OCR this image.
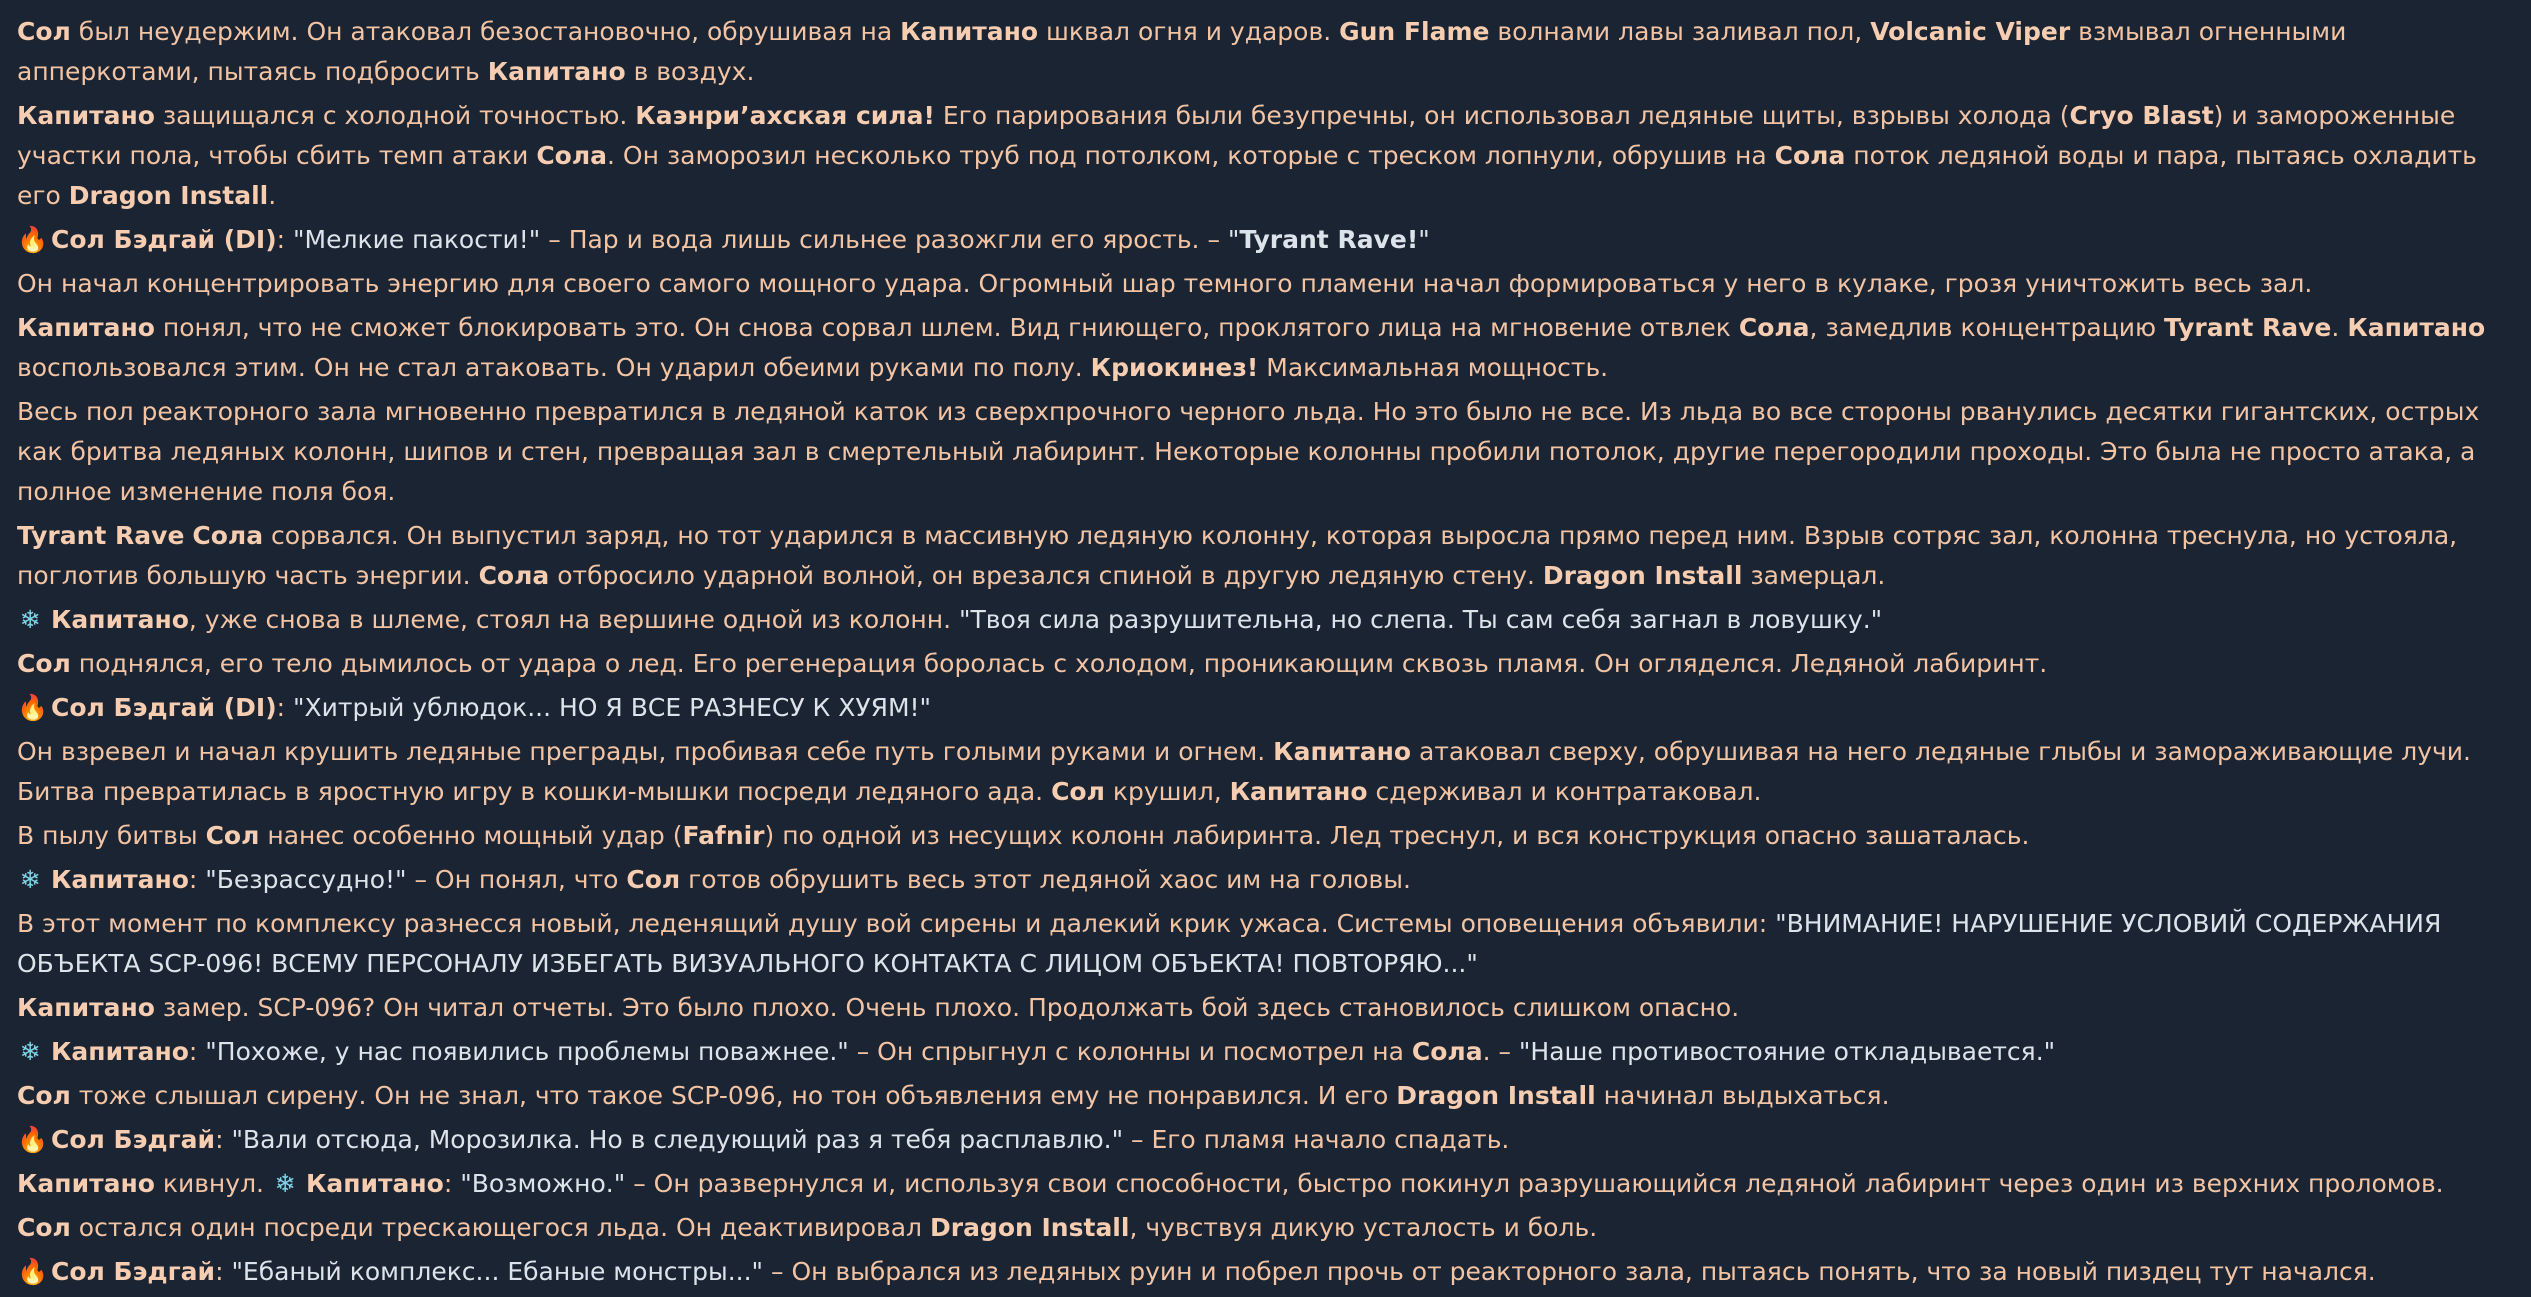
Сол был неудержим. Он атаковал безостановочно, обрушивая на Капитано шквал огня и ударов. Gun Flame волнами лавы заливал пол, Volcanic Viper взмывал огненными апперкотами, пытаясь подбросить Капитано в воздух.
Капитано защищался с холодной точностью. Каэнри’ахская сила! Его парирования были безупречны, он использовал ледяные щиты, взрывы холода (Cryo Blast) и замороженные участки пола, чтобы сбить темп атаки Сола. Он заморозил несколько труб под потолком, которые с треском лопнули, обрушив на Сола поток ледяной воды и пара, пытаясь охладить его Dragon Install.
🔥 Сол Бэдгай (DI): "Мелкие пакости!" – Пар и вода лишь сильнее разожгли его ярость. – "Tyrant Rave!"
Он начал концентрировать энергию для своего самого мощного удара. Огромный шар темного пламени начал формироваться у него в кулаке, грозя уничтожить весь зал.
Капитано понял, что не сможет блокировать это. Он снова сорвал шлем. Вид гниющего, проклятого лица на мгновение отвлек Сола, замедлив концентрацию Tyrant Rave. Капитано воспользовался этим. Он не стал атаковать. Он ударил обеими руками по полу. Криокинез! Максимальная мощность.
Весь пол реакторного зала мгновенно превратился в ледяной каток из сверхпрочного черного льда. Но это было не все. Из льда во все стороны рванулись десятки гигантских, острых как бритва ледяных колонн, шипов и стен, превращая зал в смертельный лабиринт. Некоторые колонны пробили потолок, другие перегородили проходы. Это была не просто атака, а полное изменение поля боя.
Tyrant Rave Сола сорвался. Он выпустил заряд, но тот ударился в массивную ледяную колонну, которая выросла прямо перед ним. Взрыв сотряс зал, колонна треснула, но устояла, поглотив большую часть энергии. Сола отбросило ударной волной, он врезался спиной в другую ледяную стену. Dragon Install замерцал.
❄ Капитано, уже снова в шлеме, стоял на вершине одной из колонн. "Твоя сила разрушительна, но слепа. Ты сам себя загнал в ловушку."
Сол поднялся, его тело дымилось от удара о лед. Его регенерация боролась с холодом, проникающим сквозь пламя. Он огляделся. Ледяной лабиринт.
🔥 Сол Бэдгай (DI): "Хитрый ублюдок... НО Я ВСЕ РАЗНЕСУ К ХУЯМ!"
Он взревел и начал крушить ледяные преграды, пробивая себе путь голыми руками и огнем. Капитано атаковал сверху, обрушивая на него ледяные глыбы и замораживающие лучи. Битва превратилась в яростную игру в кошки-мышки посреди ледяного ада. Сол крушил, Капитано сдерживал и контратаковал.
В пылу битвы Сол нанес особенно мощный удар (Fafnir) по одной из несущих колонн лабиринта. Лед треснул, и вся конструкция опасно зашаталась.
❄ Капитано: "Безрассудно!" – Он понял, что Сол готов обрушить весь этот ледяной хаос им на головы.
В этот момент по комплексу разнесся новый, леденящий душу вой сирены и далекий крик ужаса. Системы оповещения объявили: "ВНИМАНИЕ! НАРУШЕНИЕ УСЛОВИЙ СОДЕРЖАНИЯ ОБЪЕКТА SCP-096! ВСЕМУ ПЕРСОНАЛУ ИЗБЕГАТЬ ВИЗУАЛЬНОГО КОНТАКТА С ЛИЦОМ ОБЪЕКТА! ПОВТОРЯЮ..."
Капитано замер. SCP-096? Он читал отчеты. Это было плохо. Очень плохо. Продолжать бой здесь становилось слишком опасно.
❄ Капитано: "Похоже, у нас появились проблемы поважнее." – Он спрыгнул с колонны и посмотрел на Сола. – "Наше противостояние откладывается."
Сол тоже слышал сирену. Он не знал, что такое SCP-096, но тон объявления ему не понравился. И его Dragon Install начинал выдыхаться.
🔥 Сол Бэдгай: "Вали отсюда, Морозилка. Но в следующий раз я тебя расплавлю." – Его пламя начало спадать.
Капитано кивнул. ❄ Капитано: "Возможно." – Он развернулся и, используя свои способности, быстро покинул разрушающийся ледяной лабиринт через один из верхних проломов.
Сол остался один посреди трескающегося льда. Он деактивировал Dragon Install, чувствуя дикую усталость и боль.
🔥 Сол Бэдгай: "Ебаный комплекс... Ебаные монстры..." – Он выбрался из ледяных руин и побрел прочь от реакторного зала, пытаясь понять, что за новый пиздец тут начался.
